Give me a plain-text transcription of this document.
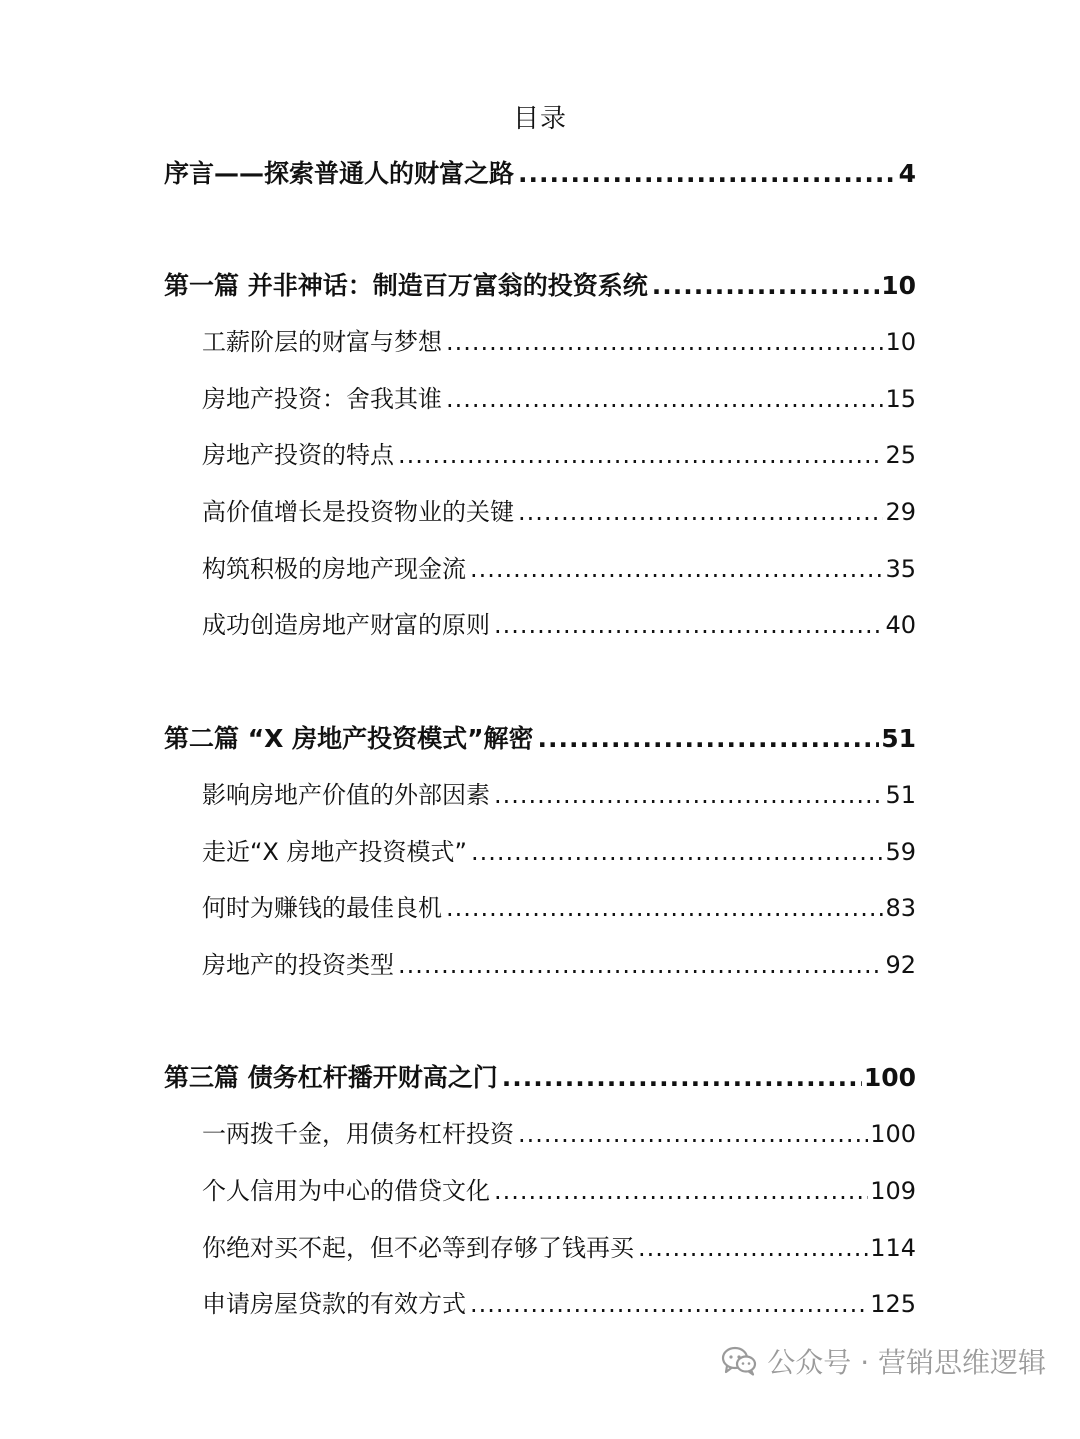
目录
序言——探索普通人的财富之路 .....	4
第一篇 并非神话：制造百万富翁的投资系统 .....	10
工薪阶层的财富与梦想 .....	10
房地产投资：舍我其谁 .....	15
房地产投资的特点 .....	25
高价值增长是投资物业的关键 .....	29
构筑积极的房地产现金流 .....	35
成功创造房地产财富的原则 .....	40
第二篇 “X 房地产投资模式”解密 .....	51
影响房地产价值的外部因素 .....	51
走近“X 房地产投资模式” .....	59
何时为赚钱的最佳良机 .....	83
房地产的投资类型 .....	92
第三篇 债务杠杆播开财高之门 .....	100
一两拨千金，用债务杠杆投资 .....	100
个人信用为中心的借贷文化 .....	109
你绝对买不起，但不必等到存够了钱再买 .....	114
申请房屋贷款的有效方式 .....	125
公众号 · 营销思维逻辑
